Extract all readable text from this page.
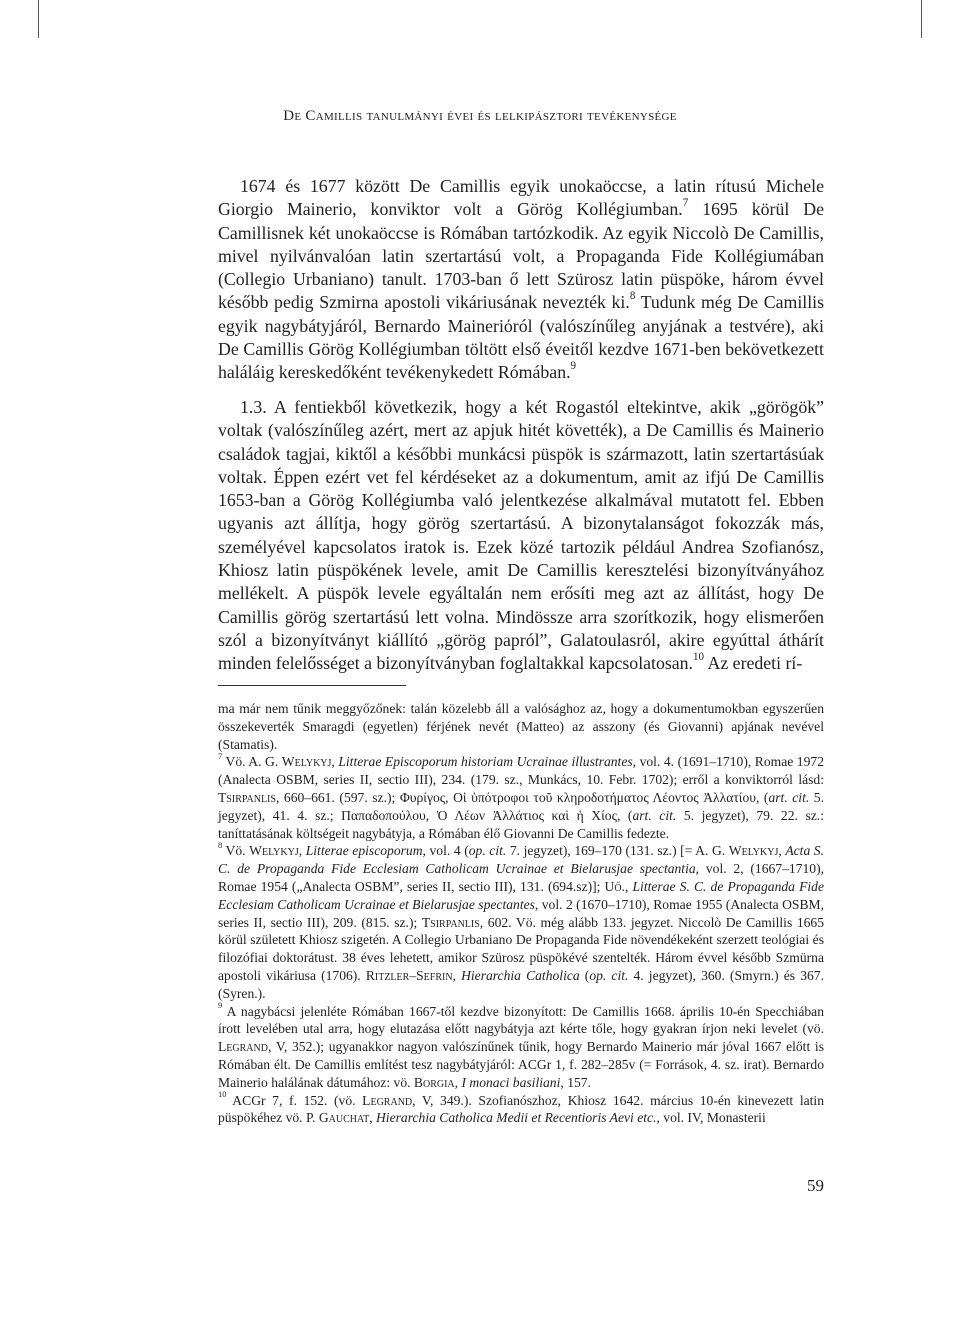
De Camillis tanulmányi évei és lelkipásztori tevékenysége

1674 és 1677 között De Camillis egyik unokaöccse, a latin rítusú Michele Giorgio Mainerio, konviktor volt a Görög Kollégiumban.$^7$ 1695 körül De Camillisnek két unokaöccse is Rómában tartózkodik. Az egyik Niccolò De Camillis, mivel nyilvánvalóan latin szertartású volt, a Propaganda Fide Kollégiumában (Collegio Urbaniano) tanult. 1703-ban ő lett Szürosz latin püspöke, három évvel később pedig Szmirna apostoli vikáriusának nevezték ki.$^8$ Tudunk még De Camillis egyik nagybátyjáról, Bernardo Maineriόról (valószínűleg anyjának a testvére), aki De Camillis Görög Kollégiumban töltött első éveitől kezdve 1671-ben bekövetkezett haláláig kereskedőként tevékenykedett Rómában.$^9$

1.3. A fentiekből következik, hogy a két Rogastól eltekintve, akik „görögök” voltak (valószínűleg azért, mert az apjuk hitét követték), a De Camillis és Mainerio családok tagjai, kiktől a későbbi munkácsi püspök is származott, latin szertartásúak voltak. Éppen ezért vet fel kérdéseket az a dokumentum, amit az ifjú De Camillis 1653-ban a Görög Kollégiumba való jelentkezése alkalmával mutatott fel. Ebben ugyanis azt állítja, hogy görög szertartású. A bizonytalanságot fokozzák más, személyével kapcsolatos iratok is. Ezek közé tartozik például Andrea Szofianósz, Khiosz latin püspökének levele, amit De Camillis keresztelési bizonyítványához mellékelt. A püspök levele egyáltalán nem erősíti meg azt az állítást, hogy De Camillis görög szertartású lett volna. Mindössze arra szorítkozik, hogy elismerően szól a bizonyítványt kiállító „görög papról”, Galatoulasról, akire egyúttal áthárít minden felelősséget a bizonyítványban foglaltakkal kapcsolatosan.$^{10}$ Az eredeti rí-

ma már nem tűnik meggyőzőnek: talán közelebb áll a valósághoz az, hogy a dokumentumokban egyszerűen összekeverték Smaragdi (egyetlen) férjének nevét (Matteo) az asszony (és Giovanni) apjának nevével (Stamatis).

$^7$ Vö. A. G. Welykyj, Litterae Episcoporum historiam Ucrainae illustrantes, vol. 4. (1691–1710), Romae 1972 (Analecta OSBM, series II, sectio III), 234. (179. sz., Munkács, 10. Febr. 1702); erről a konviktorról lásd: Tsirpanlis, 660–661. (597. sz.); Φυρίγος, Οἱ ὑπότροφοι τοῦ κληροδοτήματος Λέοντος Ἀλλατίου, (art. cit. 5. jegyzet), 41. 4. sz.; Παπαδοπούλου, Ὁ Λέων Ἀλλάτιος καὶ ἡ Χίος, (art. cit. 5. jegyzet), 79. 22. sz.: taníttatásának költségeit nagybátyja, a Rómában élő Giovanni De Camillis fedezte.

$^8$ Vö. Welykyj, Litterae episcoporum, vol. 4 (op. cit. 7. jegyzet), 169–170 (131. sz.) [= A. G. Welykyj, Acta S. C. de Propaganda Fide Ecclesiam Catholicam Ucrainae et Bielarusjae spectantia, vol. 2, (1667–1710), Romae 1954 („Analecta OSBM”, series II, sectio III), 131. (694.sz)]; Uő., Litterae S. C. de Propaganda Fide Ecclesiam Catholicam Ucrainae et Bielarusjae spectantes, vol. 2 (1670–1710), Romae 1955 (Analecta OSBM, series II, sectio III), 209. (815. sz.); Tsirpanlis, 602. Vö. még alább 133. jegyzet. Niccolò De Camillis 1665 körül született Khiosz szigetén. A Collegio Urbaniano De Propaganda Fide növendékeként szerzett teológiai és filozófiai doktorátust. 38 éves lehetett, amikor Szürosz püspökévé szentelték. Három évvel később Szmürna apostoli vikáriusa (1706). Ritzler–Sefrin, Hierarchia Catholica (op. cit. 4. jegyzet), 360. (Smyrn.) és 367. (Syren.).

$^9$ A nagybácsi jelenléte Rómában 1667-től kezdve bizonyított: De Camillis 1668. április 10-én Specchiában írott levelében utal arra, hogy elutazása előtt nagybátyja azt kérte tőle, hogy gyakran írjon neki levelet (vö. Legrand, V, 352.); ugyanakkor nagyon valószínűnek tűnik, hogy Bernardo Mainerio már jóval 1667 előtt is Rómában élt. De Camillis említést tesz nagybátyjáról: ACGr 1, f. 282–285v (= Források, 4. sz. irat). Bernardo Mainerio halálának dátumához: vö. Borgia, I monaci basiliani, 157.

$^{10}$ ACGr 7, f. 152. (vö. Legrand, V, 349.). Szofianószhoz, Khiosz 1642. március 10-én kinevezett latin püspökéhez vö. P. Gauchat, Hierarchia Catholica Medii et Recentioris Aevi etc., vol. IV, Monasterii

59
